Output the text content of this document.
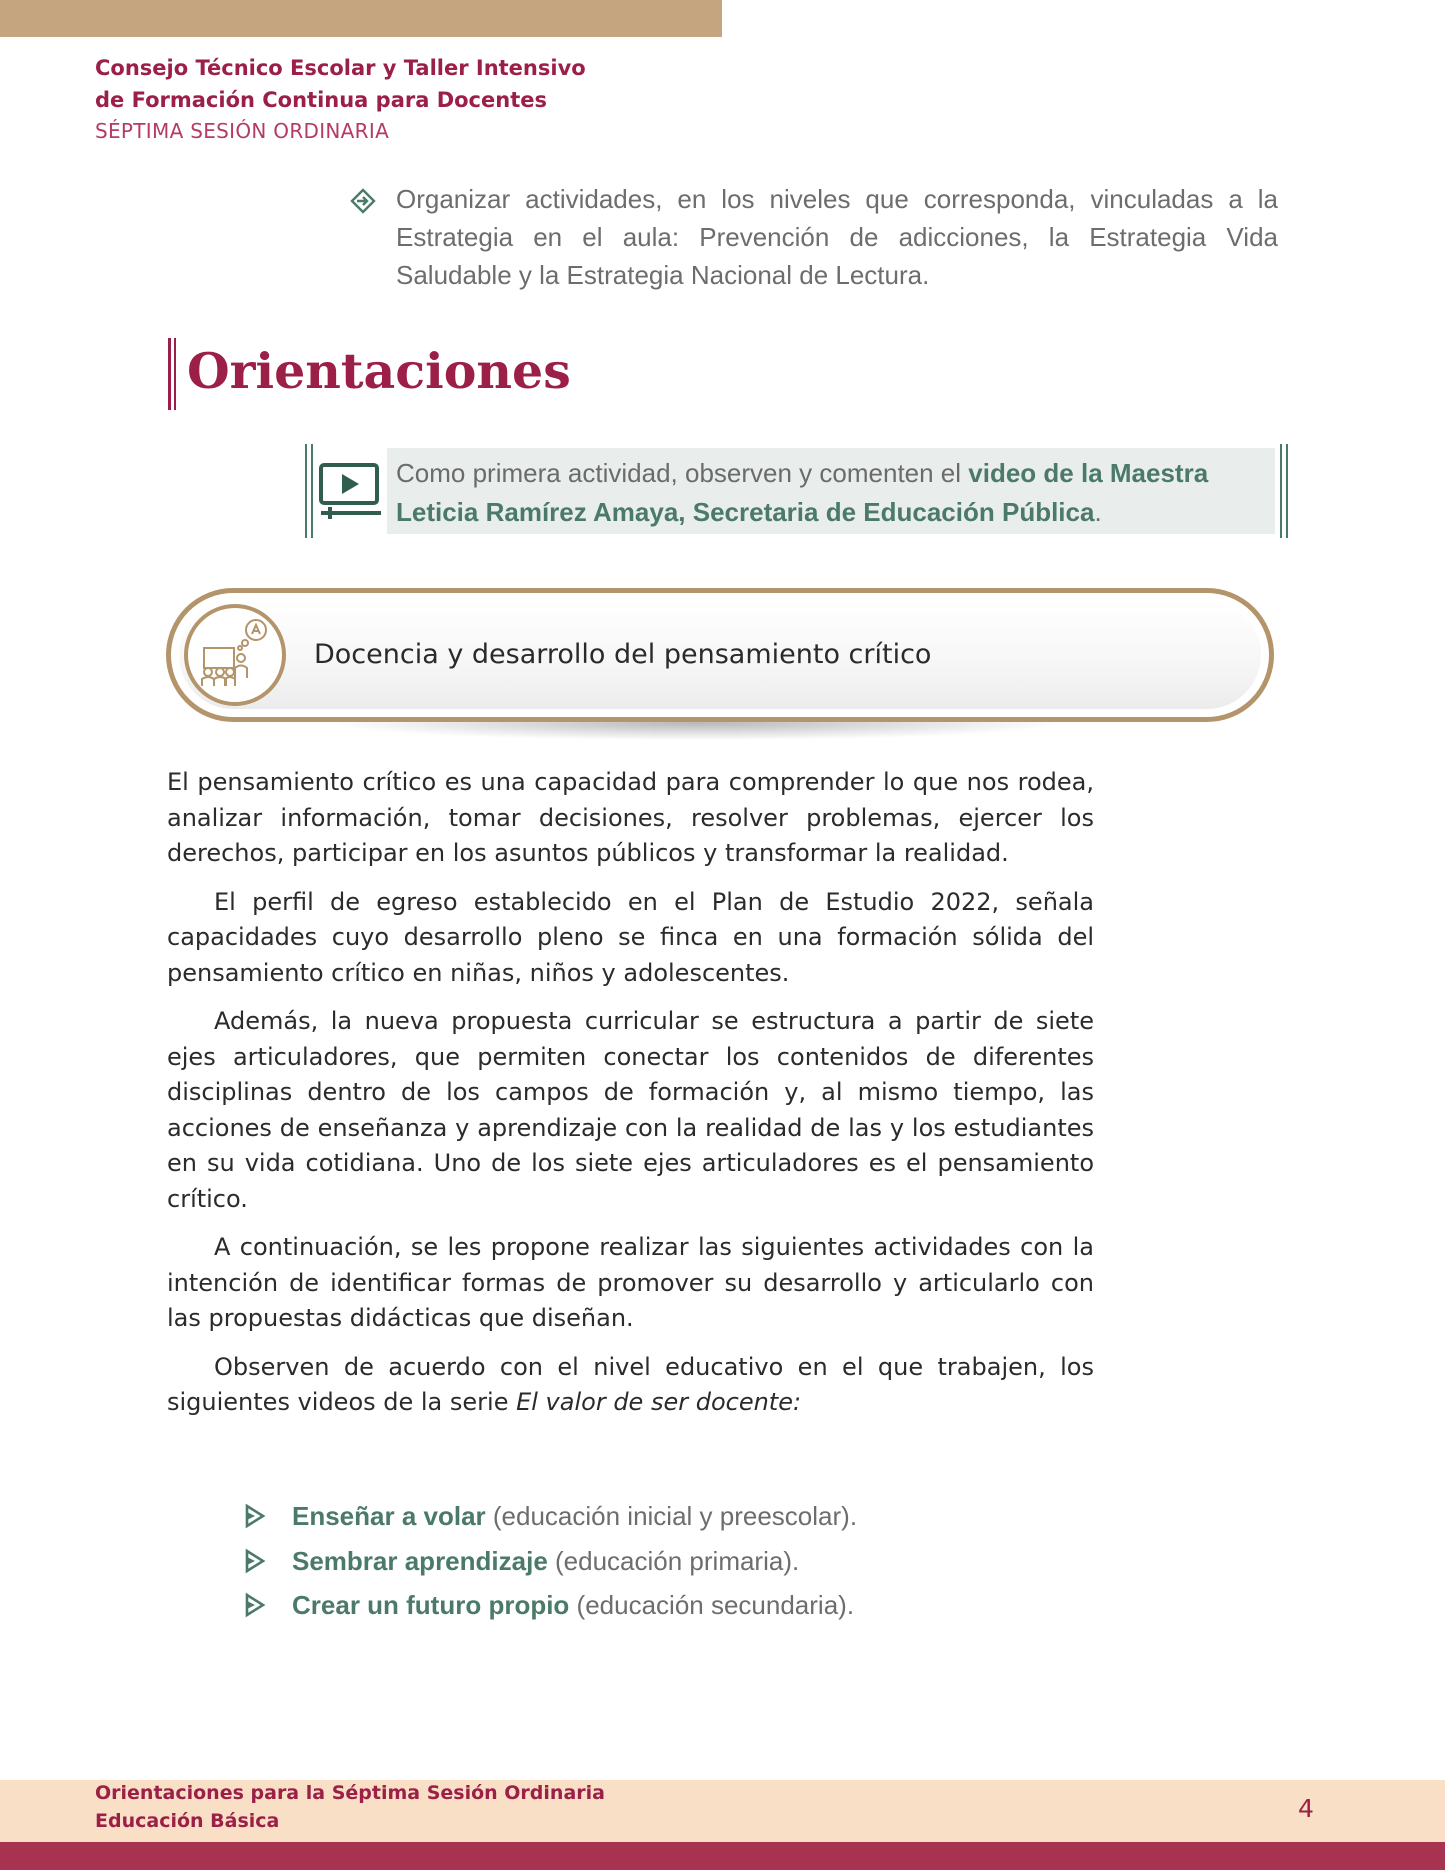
Consejo Técnico Escolar y Taller Intensivo
de Formación Continua para Docentes
SÉPTIMA SESIÓN ORDINARIA
Organizar actividades, en los niveles que corresponda, vinculadas a la Estrategia en el aula: Prevención de adicciones, la Estrategia Vida Saludable y la Estrategia Nacional de Lectura.
Orientaciones
Como primera actividad, observen y comenten el video de la Maestra Leticia Ramírez Amaya, Secretaria de Educación Pública.
Docencia y desarrollo del pensamiento crítico

El pensamiento crítico es una capacidad para comprender lo que nos rodea, analizar información, tomar decisiones, resolver problemas, ejercer los derechos, participar en los asuntos públicos y transformar la realidad.

El perfil de egreso establecido en el Plan de Estudio 2022, señala capacidades cuyo desarrollo pleno se finca en una formación sólida del pensamiento crítico en niñas, niños y adolescentes.

Además, la nueva propuesta curricular se estructura a partir de siete ejes articuladores, que permiten conectar los contenidos de diferentes disciplinas dentro de los campos de formación y, al mismo tiempo, las acciones de enseñanza y aprendizaje con la realidad de las y los estudiantes en su vida cotidiana. Uno de los siete ejes articuladores es el pensamiento crítico.

A continuación, se les propone realizar las siguientes actividades con la intención de identificar formas de promover su desarrollo y articularlo con las propuestas didácticas que diseñan.

Observen de acuerdo con el nivel educativo en el que trabajen, los siguientes videos de la serie El valor de ser docente:

Enseñar a volar (educación inicial y preescolar).
Sembrar aprendizaje (educación primaria).
Crear un futuro propio (educación secundaria).
Orientaciones para la Séptima Sesión Ordinaria
Educación Básica	4
